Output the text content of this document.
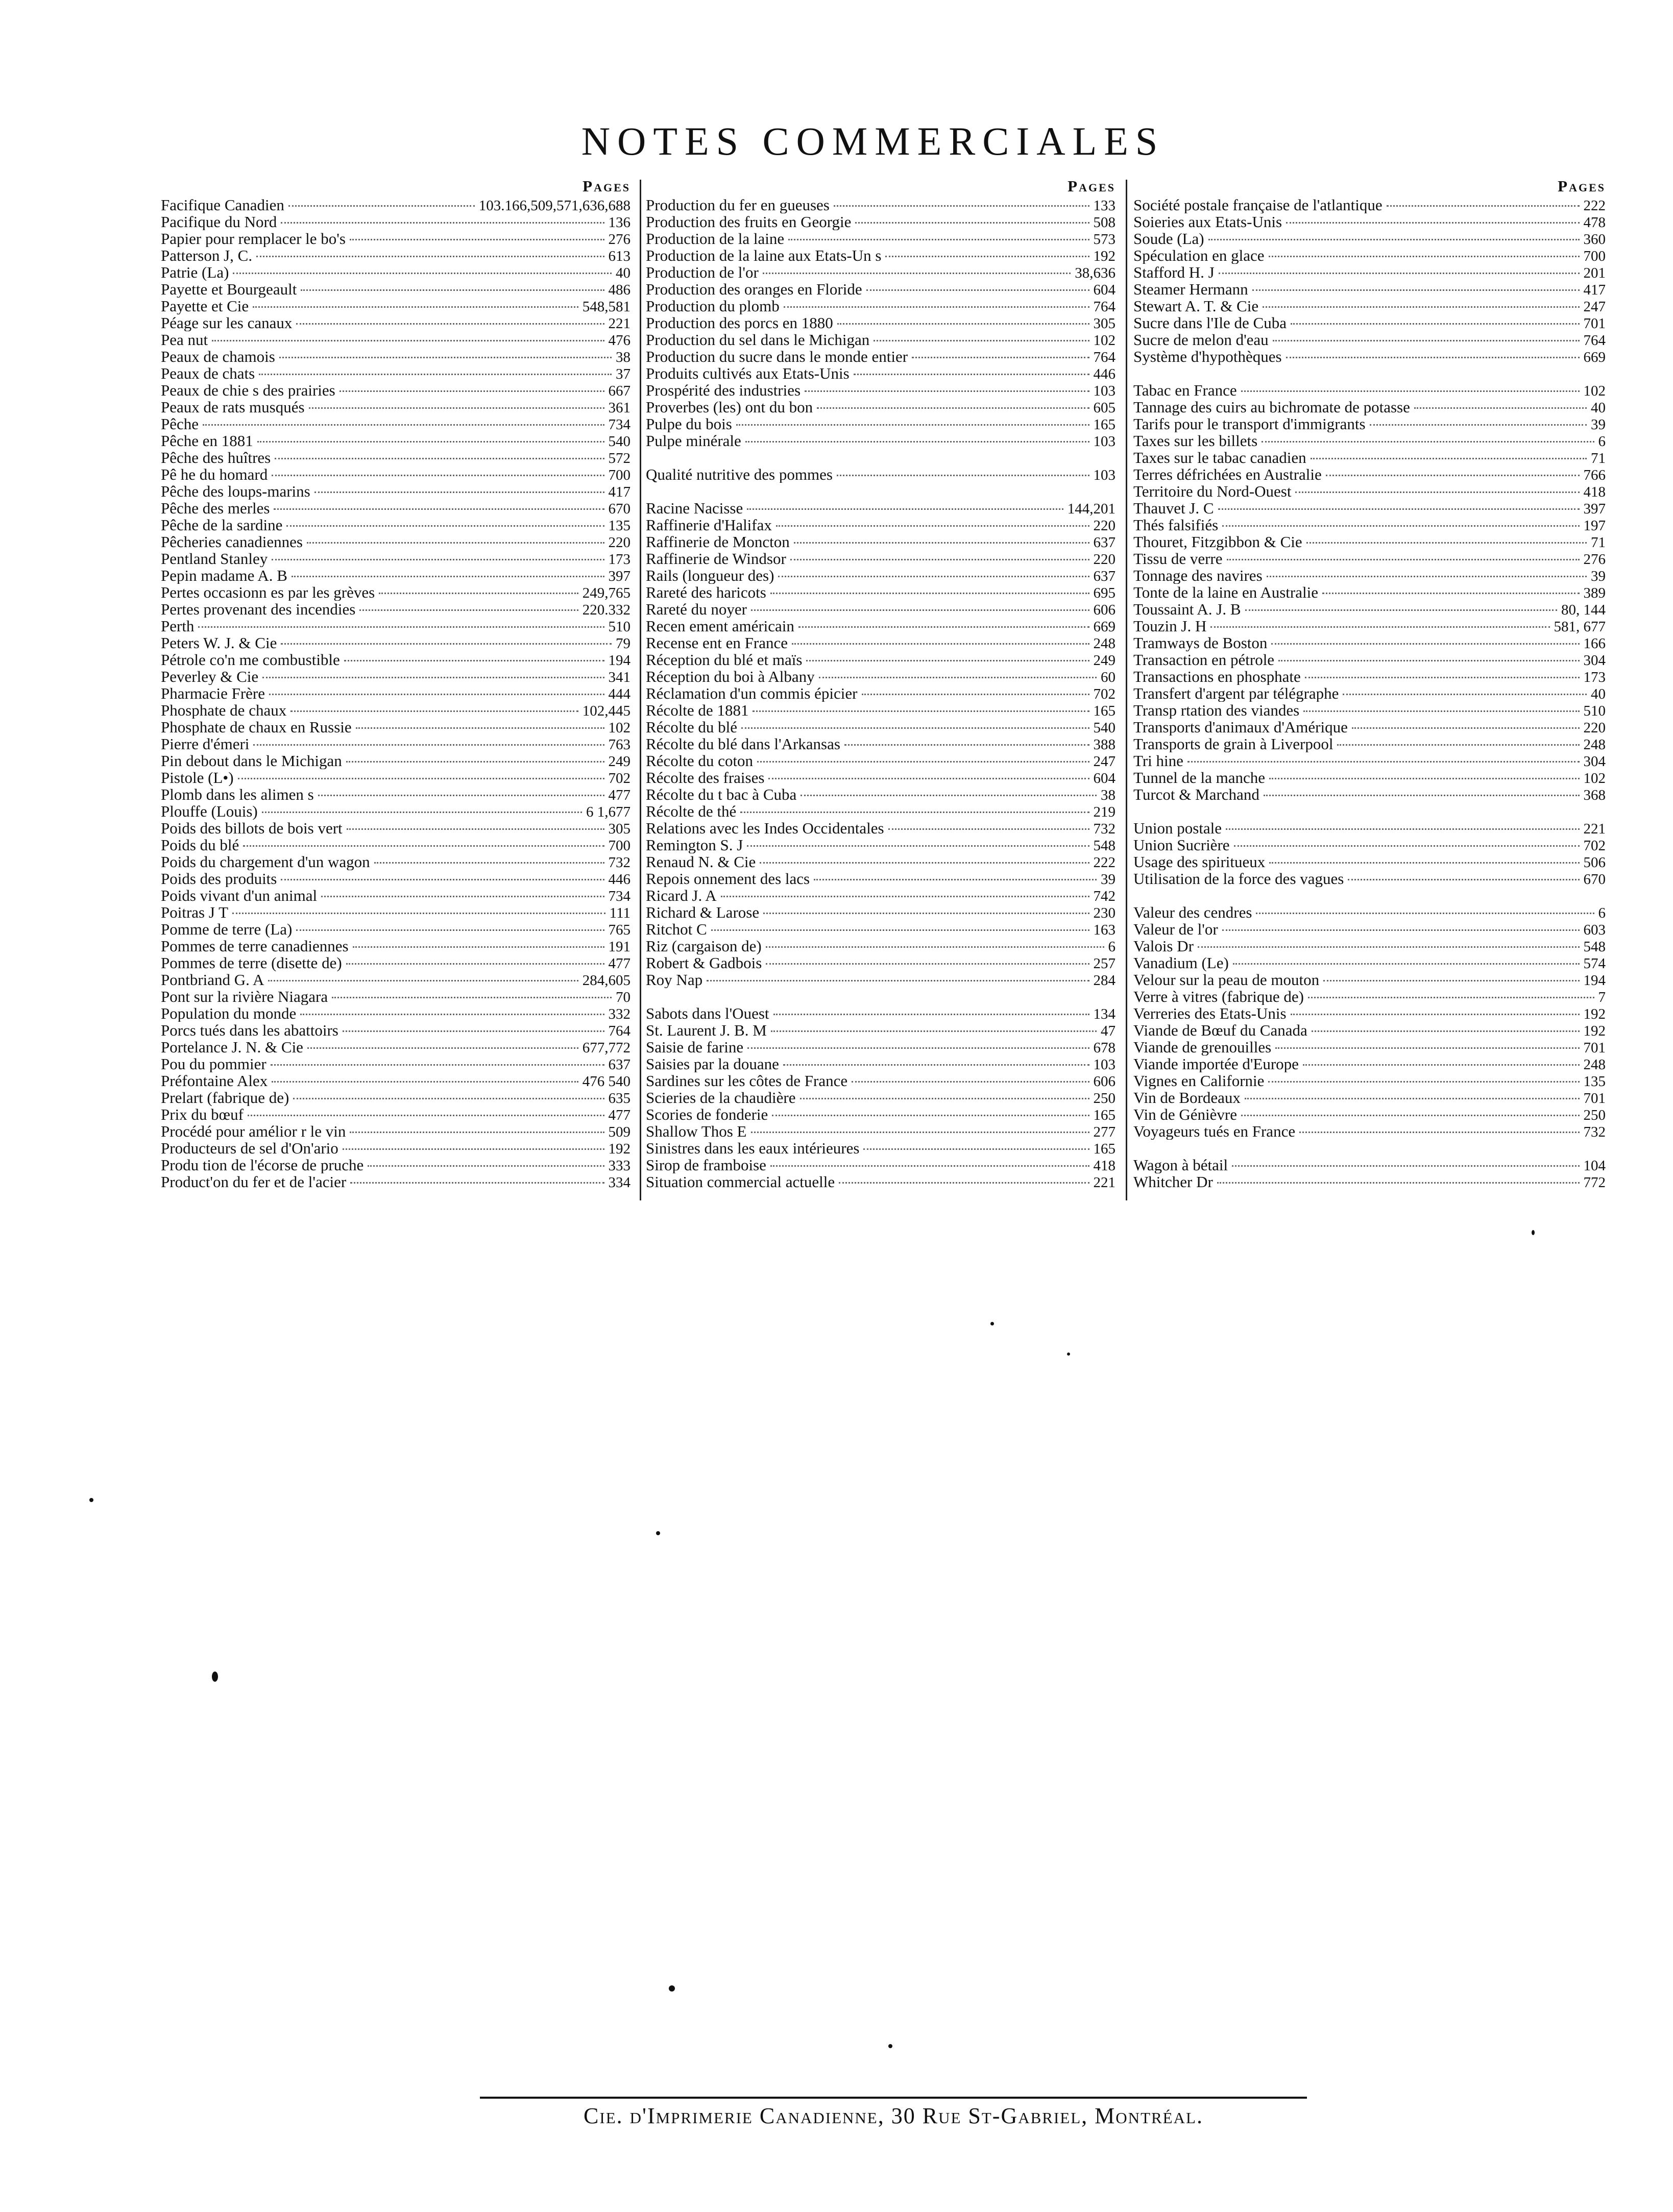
NOTES COMMERCIALES
Pages
Facifique Canadien	103.166,509,571,636,688
Pacifique du Nord	136
Papier pour remplacer le bo's	276
Patterson J, C.	613
Patrie (La)	40
Payette et Bourgeault	486
Payette et Cie	548,581
Péage sur les canaux	221
Pea nut	476
Peaux de chamois	38
Peaux de chats	37
Peaux de chie s des prairies	667
Peaux de rats musqués	361
Pêche	734
Pêche en 1881	540
Pêche des huîtres	572
Pê he du homard	700
Pêche des loups-marins	417
Pêche des merles	670
Pêche de la sardine	135
Pêcheries canadiennes	220
Pentland Stanley	173
Pepin madame A. B	397
Pertes occasionn es par les grèves	249,765
Pertes provenant des incendies	220.332
Perth	510
Peters W. J. & Cie	79
Pétrole co'n me combustible	194
Peverley & Cie	341
Pharmacie Frère	444
Phosphate de chaux	102,445
Phosphate de chaux en Russie	102
Pierre d'émeri	763
Pin debout dans le Michigan	249
Pistole (L•)	702
Plomb dans les alimen s	477
Plouffe (Louis)	6 1,677
Poids des billots de bois vert	305
Poids du blé	700
Poids du chargement d'un wagon	732
Poids des produits	446
Poids vivant d'un animal	734
Poitras J T	111
Pomme de terre (La)	765
Pommes de terre canadiennes	191
Pommes de terre (disette de)	477
Pontbriand G. A	284,605
Pont sur la rivière Niagara	70
Population du monde	332
Porcs tués dans les abattoirs	764
Portelance J. N. & Cie	677,772
Pou du pommier	637
Préfontaine Alex	476 540
Prelart (fabrique de)	635
Prix du bœuf	477
Procédé pour amélior r le vin	509
Producteurs de sel d'On'ario	192
Produ tion de l'écorse de pruche	333
Product'on du fer et de l'acier	334
Pages
Production du fer en gueuses	133
Production des fruits en Georgie	508
Production de la laine	573
Production de la laine aux Etats-Un s	192
Production de l'or	38,636
Production des oranges en Floride	604
Production du plomb	764
Production des porcs en 1880	305
Production du sel dans le Michigan	102
Production du sucre dans le monde entier	764
Produits cultivés aux Etats-Unis	446
Prospérité des industries	103
Proverbes (les) ont du bon	605
Pulpe du bois	165
Pulpe minérale	103
Qualité nutritive des pommes	103
Racine Nacisse	144,201
Raffinerie d'Halifax	220
Raffinerie de Moncton	637
Raffinerie de Windsor	220
Rails (longueur des)	637
Rareté des haricots	695
Rareté du noyer	606
Recen ement américain	669
Recense ent en France	248
Réception du blé et maïs	249
Réception du boi à Albany	60
Réclamation d'un commis épicier	702
Récolte de 1881	165
Récolte du blé	540
Récolte du blé dans l'Arkansas	388
Récolte du coton	247
Récolte des fraises	604
Récolte du t bac à Cuba	38
Récolte de thé	219
Relations avec les Indes Occidentales	732
Remington S. J	548
Renaud N. & Cie	222
Repois onnement des lacs	39
Ricard J. A	742
Richard & Larose	230
Ritchot C	163
Riz (cargaison de)	6
Robert & Gadbois	257
Roy Nap	284
Sabots dans l'Ouest	134
St. Laurent J. B. M	47
Saisie de farine	678
Saisies par la douane	103
Sardines sur les côtes de France	606
Scieries de la chaudière	250
Scories de fonderie	165
Shallow Thos E	277
Sinistres dans les eaux intérieures	165
Sirop de framboise	418
Situation commercial actuelle	221
Pages
Société postale française de l'atlantique	222
Soieries aux Etats-Unis	478
Soude (La)	360
Spéculation en glace	700
Stafford H. J	201
Steamer Hermann	417
Stewart A. T. & Cie	247
Sucre dans l'Ile de Cuba	701
Sucre de melon d'eau	764
Système d'hypothèques	669
Tabac en France	102
Tannage des cuirs au bichromate de potasse	40
Tarifs pour le transport d'immigrants	39
Taxes sur les billets	6
Taxes sur le tabac canadien	71
Terres défrichées en Australie	766
Territoire du Nord-Ouest	418
Thauvet J. C	397
Thés falsifiés	197
Thouret, Fitzgibbon & Cie	71
Tissu de verre	276
Tonnage des navires	39
Tonte de la laine en Australie	389
Toussaint A. J. B	80, 144
Touzin J. H	581, 677
Tramways de Boston	166
Transaction en pétrole	304
Transactions en phosphate	173
Transfert d'argent par télégraphe	40
Transp rtation des viandes	510
Transports d'animaux d'Amérique	220
Transports de grain à Liverpool	248
Tri hine	304
Tunnel de la manche	102
Turcot & Marchand	368
Union postale	221
Union Sucrière	702
Usage des spiritueux	506
Utilisation de la force des vagues	670
Valeur des cendres	6
Valeur de l'or	603
Valois Dr	548
Vanadium (Le)	574
Velour sur la peau de mouton	194
Verre à vitres (fabrique de)	7
Verreries des Etats-Unis	192
Viande de Bœuf du Canada	192
Viande de grenouilles	701
Viande importée d'Europe	248
Vignes en Californie	135
Vin de Bordeaux	701
Vin de Génièvre	250
Voyageurs tués en France	732
Wagon à bétail	104
Whitcher Dr	772
Cie. d'Imprimerie Canadienne, 30 Rue St-Gabriel, Montréal.
